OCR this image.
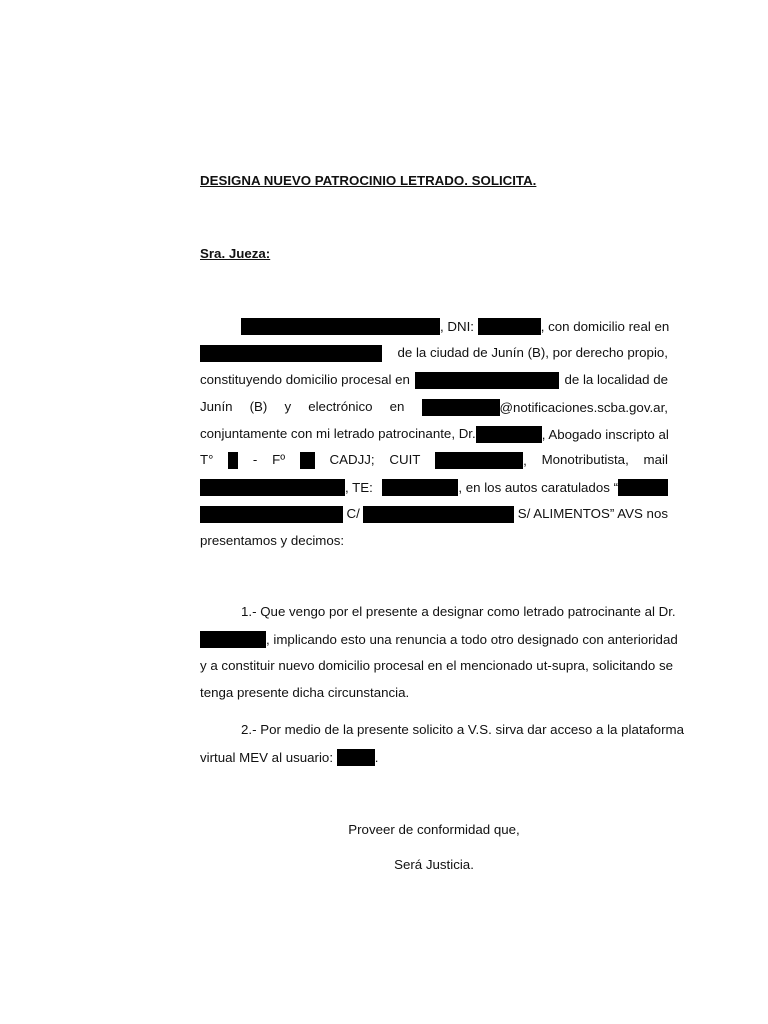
DESIGNA NUEVO PATROCINIO LETRADO. SOLICITA.
Sra. Jueza:
, DNI:	, con domicilio real en
de la ciudad de Junín (B), por derecho propio,
constituyendo domicilio procesal en	de la localidad de
Junín (B) y electrónico en	@notificaciones.scba.gov.ar,
conjuntamente con mi letrado patrocinante, Dr.	, Abogado inscripto al
T°	- Fº	CADJJ; CUIT	, Monotributista, mail
, TE:	, en los autos caratulados “
C/	S/ ALIMENTOS” AVS nos
presentamos y decimos:
1.- Que vengo por el presente a designar como letrado patrocinante al Dr.
, implicando esto una renuncia a todo otro designado con anterioridad
y a constituir nuevo domicilio procesal en el mencionado ut-supra, solicitando se
tenga presente dicha circunstancia.
2.- Por medio de la presente solicito a V.S. sirva dar acceso a la plataforma
virtual MEV al usuario:	.
Proveer de conformidad que,
Será Justicia.
